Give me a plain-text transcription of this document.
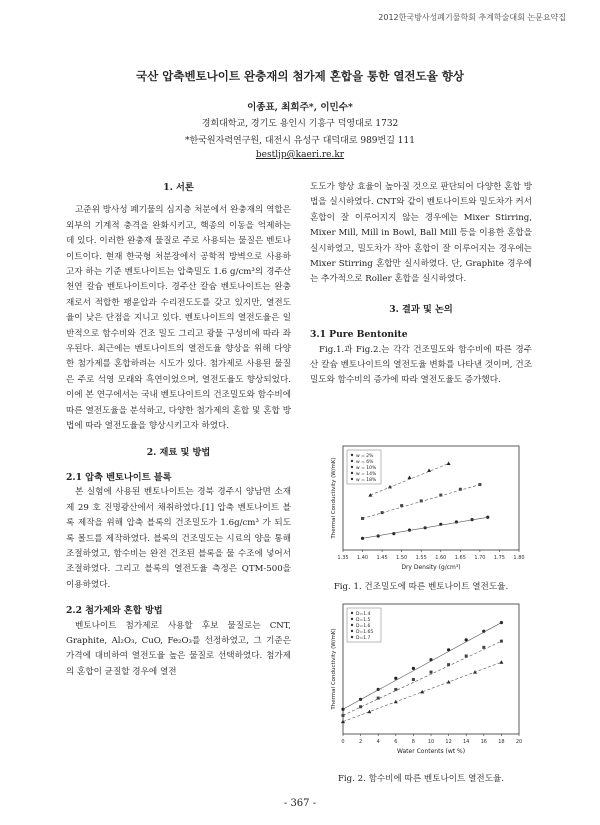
2012한국방사성폐기물학회 추계학술대회 논문요약집
국산 압축벤토나이트 완충재의 첨가제 혼합을 통한 열전도율 향상
이종표, 최희주*, 이민수*
경희대학교, 경기도 용인시 기흥구 덕영대로 1732
*한국원자력연구원, 대전시 유성구 대덕대로 989번길 111
bestljp@kaeri.re.kr

1. 서론

고준위 방사성 폐기물의 심지층 처분에서 완충재의 역할은 외부의 기계적 충격을 완화시키고, 핵종의 이동을 억제하는데 있다. 이러한 완충재 물질로 주로 사용되는 물질은 벤토나이트이다. 현재 한국형 처분장에서 공학적 방벽으로 사용하고자 하는 기준 벤토나이트는 압축밀도 1.6 g/cm³의 경주산 천연 칼슘 벤토나이트이다. 경주산 칼슘 벤토나이트는 완충재로서 적합한 팽윤압과 수리전도도를 갖고 있지만, 열전도율이 낮은 단점을 지니고 있다. 벤토나이트의 열전도율은 일반적으로 함수비와 건조 밀도 그리고 광물 구성비에 따라 좌우된다. 최근에는 벤토나이트의 열전도율 향상을 위해 다양한 첨가제를 혼합하려는 시도가 있다. 첨가제로 사용된 물질은 주로 석영 모래와 흑연이었으며, 열전도율도 향상되었다. 이에 본 연구에서는 국내 벤토나이트의 건조밀도와 함수비에 따른 열전도율을 분석하고, 다양한 첨가제의 혼합 및 혼합 방법에 따라 열전도율을 향상시키고자 하였다.

2. 재료 및 방법

2.1 압축 벤토나이트 블록

본 실험에 사용된 벤토나이트는 경북 경주시 양남면 소재 제 29 호 진명광산에서 채취하였다.[1] 압축 벤토나이트 블록 제작을 위해 압축 블록의 건조밀도가 1.6g/cm³ 가 되도록 몰드를 제작하였다. 블록의 건조밀도는 시료의 양을 통해 조절하였고, 함수비는 완전 건조된 블록을 물 수조에 넣어서 조절하였다. 그리고 블록의 열전도율 측정은 QTM-500을 이용하였다.

2.2 첨가제와 혼합 방법

벤토나이트 첨가제로 사용할 후보 물질로는 CNT, Graphite, Al₂O₃, CuO, Fe₂O₃를 선정하였고, 그 기준은 가격에 대비하여 열전도율 높은 물질로 선택하였다. 첨가제의 혼합이 균질할 경우에 열전

도도가 향상 효율이 높아질 것으로 판단되어 다양한 혼합 방법을 실시하였다. CNT와 같이 벤토나이트와 밀도차가 커서 혼합이 잘 이루어지지 않는 경우에는 Mixer Stirring, Mixer Mill, Mill in Bowl, Ball Mill 등을 이용한 혼합을 실시하였고, 밀도차가 작아 혼합이 잘 이루어지는 경우에는 Mixer Stirring 혼합만 실시하였다. 단, Graphite 경우에는 추가적으로 Roller 혼합을 실시하였다.

3. 결과 및 논의

3.1 Pure Bentonite

Fig.1.과 Fig.2.는 각각 건조밀도와 함수비에 따른 경주산 칼슘 벤토나이트의 열전도율 변화를 나타낸 것이며, 건조밀도와 함수비의 증가에 따라 열전도율도 증가했다.

1.35 1.40 1.45 1.50 1.55 1.60 1.65 1.70 1.75 1.80
Dry Density (g/cm³)
Thermal Conductivity (W/mK)
w = 2%
w = 6%
w = 10%
w = 14%
w = 18%
Fig. 1. 건조밀도에 따른 벤토나이트 열전도율.
0	2	4	6	8	10 12 14 16 18 20
Water Contents (wt %)
Thermal Conductivity (W/mK)
D=1.4
D=1.5
D=1.6
D=1.65
D=1.7
Fig. 2. 함수비에 따른 벤토나이트 열전도율.
- 367 -
